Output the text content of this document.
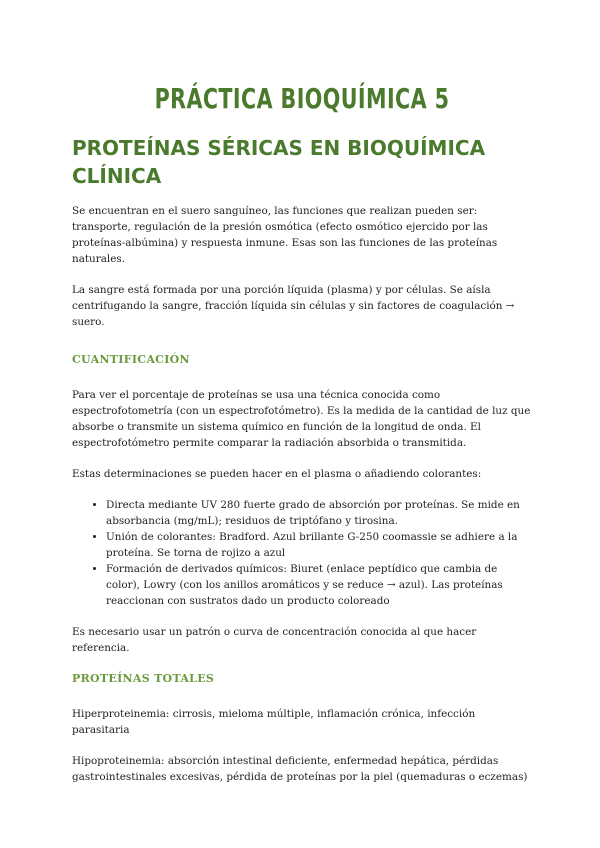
PRÁCTICA BIOQUÍMICA 5
PROTEÍNAS SÉRICAS EN BIOQUÍMICA CLÍNICA

Se encuentran en el suero sanguíneo, las funciones que realizan pueden ser: transporte, regulación de la presión osmótica (efecto osmótico ejercido por las proteínas-albúmina) y respuesta inmune. Esas son las funciones de las proteínas naturales.

La sangre está formada por una porción líquida (plasma) y por células. Se aísla centrifugando la sangre, fracción líquida sin células y sin factores de coagulación → suero.

CUANTIFICACIÓN

Para ver el porcentaje de proteínas se usa una técnica conocida como espectrofotometría (con un espectrofotómetro). Es la medida de la cantidad de luz que absorbe o transmite un sistema químico en función de la longitud de onda. El espectrofotómetro permite comparar la radiación absorbida o transmitida.

Estas determinaciones se pueden hacer en el plasma o añadiendo colorantes:

• Directa mediante UV 280 fuerte grado de absorción por proteínas. Se mide en absorbancia (mg/mL); residuos de triptófano y tirosina.
• Unión de colorantes: Bradford. Azul brillante G-250 coomassie se adhiere a la proteína. Se torna de rojizo a azul
• Formación de derivados químicos: Biuret (enlace peptídico que cambia de color), Lowry (con los anillos aromáticos y se reduce → azul). Las proteínas reaccionan con sustratos dado un producto coloreado

Es necesario usar un patrón o curva de concentración conocida al que hacer referencia.

PROTEÍNAS TOTALES

Hiperproteinemia: cirrosis, mieloma múltiple, inflamación crónica, infección parasitaria

Hipoproteinemia: absorción intestinal deficiente, enfermedad hepática, pérdidas gastrointestinales excesivas, pérdida de proteínas por la piel (quemaduras o eczemas)
